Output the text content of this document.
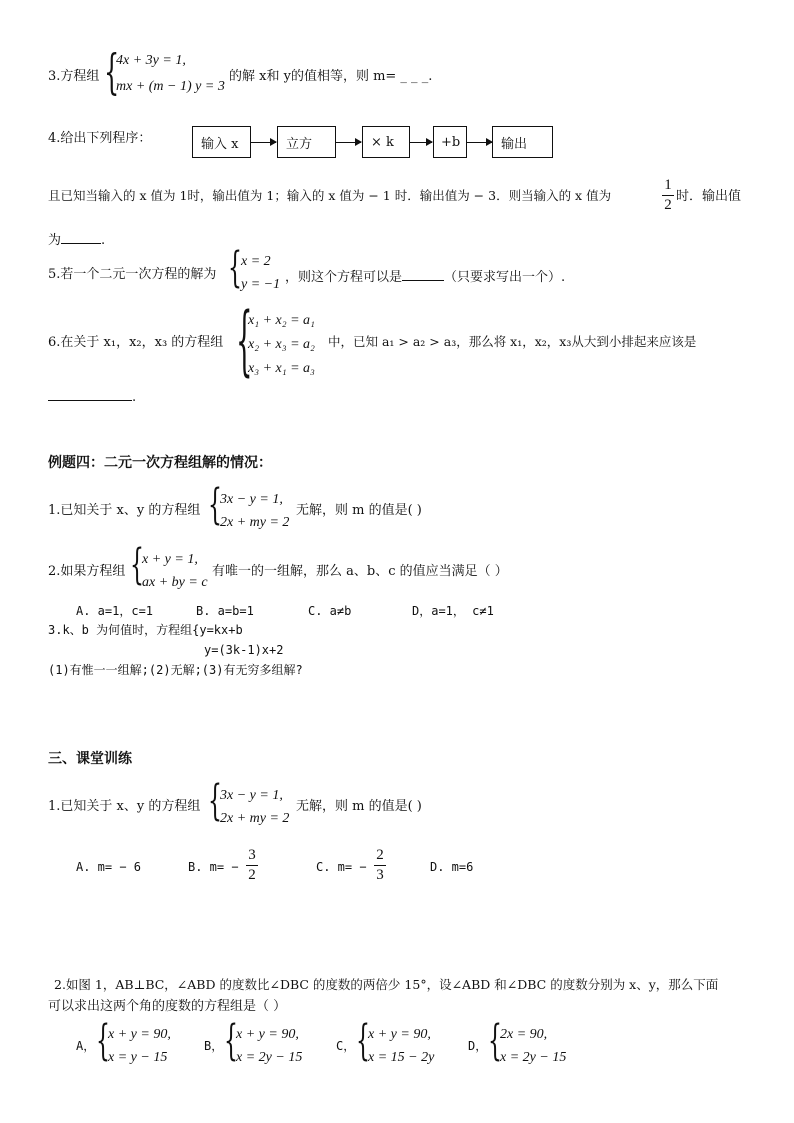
3.方程组 {
4x + 3y = 1,
mx + (m − 1) y = 3
的解 x和 y的值相等，则 m= _ _ _.
4.给出下列程序：	输入 x	立方	× k	+b	输出
且已知当输入的 x 值为 1时，输出值为 1；输入的 x 值为 − 1 时．输出值为 − 3．则当输入的 x 值为
1
2
时．输出值
为	.
5.若一个二元一次方程的解为 { x = 2
y = −1 ，则这个方程可以是	（只要求写出一个）.
6.在关于 x₁，x₂，x₃ 的方程组 {
x₁ + x₂ = a₁
x₂ + x₃ = a₂
x₃ + x₁ = a₃
中，已知 a₁ > a₂ > a₃，那么将 x₁，x₂，x₃从大到小排起来应该是
.
例题四：二元一次方程组解的情况：
1.已知关于 x、y 的方程组 {
3x − y = 1,
2x + my = 2
无解，则 m 的值是( )
2.如果方程组 {
x + y = 1,
ax + by = c
有唯一的一组解，那么 a、b、c 的值应当满足（ ）
A. a=1，c=1	B. a=b=1	C. a≠b	D，a=1， c≠1
3.k、b 为何值时，方程组{y=kx+b
y=(3k-1)x+2
(1)有惟一一组解;(2)无解;(3)有无穷多组解?
三、课堂训练
1.已知关于 x、y 的方程组 {
3x − y = 1,
2x + my = 2
无解，则 m 的值是( )
A. m= − 6	B. m= −
3
2	C. m= −
2
3	D. m=6
2.如图 1，AB⊥BC，∠ABD 的度数比∠DBC 的度数的两倍少 15°，设∠ABD 和∠DBC 的度数分别为 x、y，那么下面
可以求出这两个角的度数的方程组是（ ）
A， {
x + y = 90,
x = y − 15
B， {
x + y = 90,
x = 2y − 15
C， {
x + y = 90,
x = 15 − 2y
D， {
2x = 90,
x = 2y − 15
